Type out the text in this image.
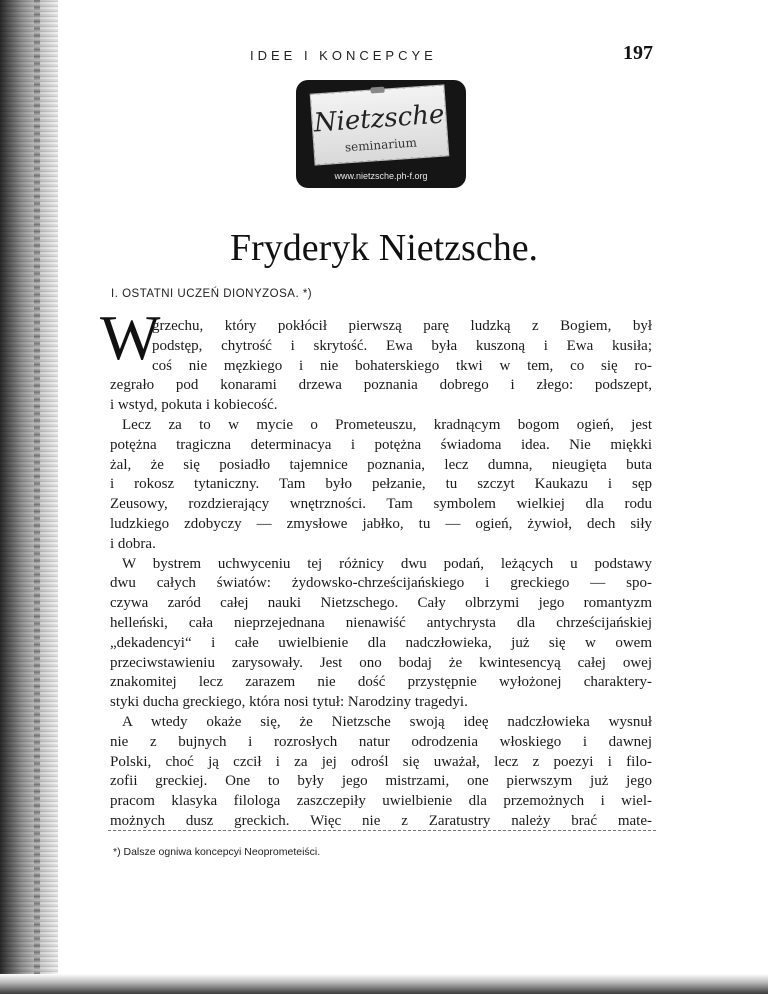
IDEE I KONCEPCYE	197
Nietzsche
seminarium
www.nietzsche.ph-f.org
Fryderyk Nietzsche.
I. OSTATNI UCZEŃ DIONYZOSA. *)
W
grzechu, który pokłócił pierwszą parę ludzką z Bogiem, był
podstęp, chytrość i skrytość. Ewa była kuszoną i Ewa kusiła;
coś nie męzkiego i nie bohaterskiego tkwi w tem, co się ro-
zegrało pod konarami drzewa poznania dobrego i złego: podszept,
i wstyd, pokuta i kobiecość.
Lecz za to w mycie o Prometeuszu, kradnącym bogom ogień, jest
potężna tragiczna determinacya i potężna świadoma idea. Nie miękki
żal, że się posiadło tajemnice poznania, lecz dumna, nieugięta buta
i rokosz tytaniczny. Tam było pełzanie, tu szczyt Kaukazu i sęp
Zeusowy, rozdzierający wnętrzności. Tam symbolem wielkiej dla rodu
ludzkiego zdobyczy — zmysłowe jabłko, tu — ogień, żywioł, dech siły
i dobra.
W bystrem uchwyceniu tej różnicy dwu podań, leżących u podstawy
dwu całych światów: żydowsko-chrześcijańskiego i greckiego — spo-
czywa zaród całej nauki Nietzschego. Cały olbrzymi jego romantyzm
helleński, cała nieprzejednana nienawiść antychrysta dla chrześcijańskiej
„dekadencyi“ i całe uwielbienie dla nadczłowieka, już się w owem
przeciwstawieniu zarysowały. Jest ono bodaj że kwintesencyą całej owej
znakomitej lecz zarazem nie dość przystępnie wyłożonej charaktery-
styki ducha greckiego, która nosi tytuł: Narodziny tragedyi.
A wtedy okaże się, że Nietzsche swoją ideę nadczłowieka wysnuł
nie z bujnych i rozrosłych natur odrodzenia włoskiego i dawnej
Polski, choć ją czcił i za jej odrośl się uważał, lecz z poezyi i filo-
zofii greckiej. One to były jego mistrzami, one pierwszym już jego
pracom klasyka filologa zaszczepiły uwielbienie dla przemożnych i wiel-
możnych dusz greckich. Więc nie z Zaratustry należy brać mate-
*) Dalsze ogniwa koncepcyi Neoprometeiści.
